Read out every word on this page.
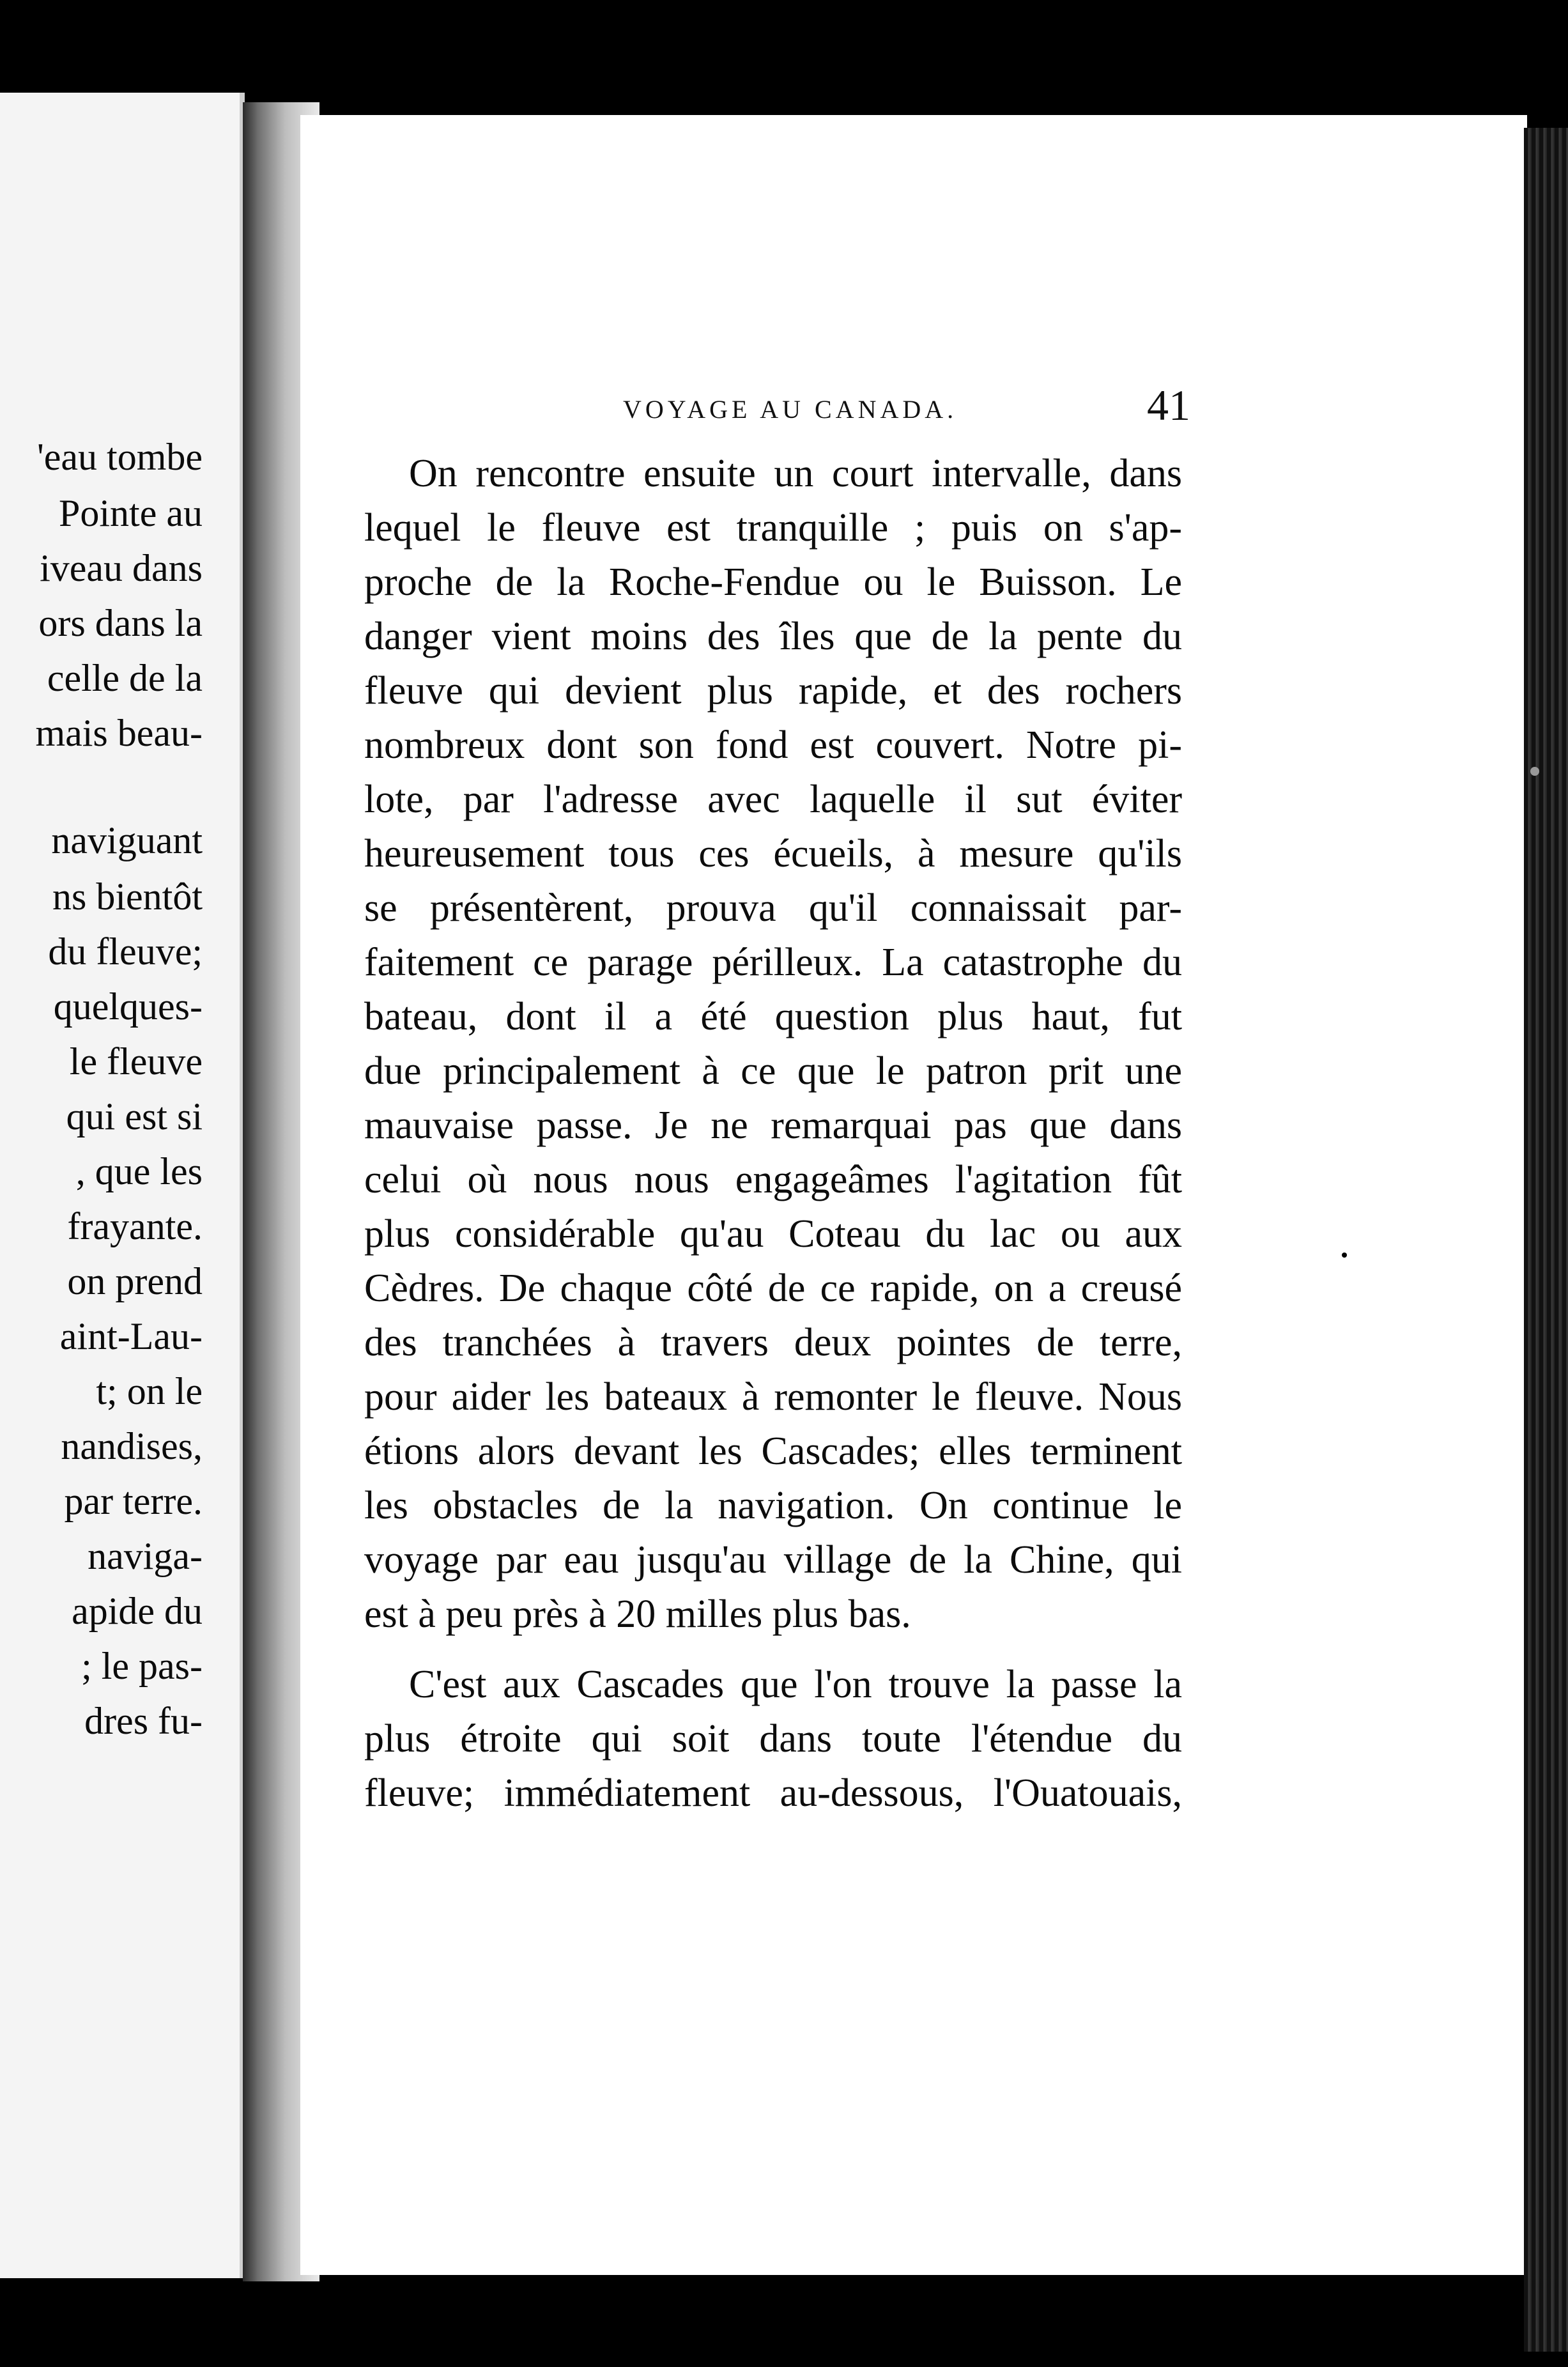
'eau tombe
Pointe au
iveau dans
ors dans la
celle de la
mais beau-
naviguant
ns bientôt
du fleuve;
quelques-
le fleuve
qui est si
, que les
frayante.
on prend
aint-Lau-
t; on le
nandises,
par terre.
naviga-
apide du
; le pas-
dres fu-
VOYAGE AU CANADA.	41
On rencontre ensuite un court intervalle, dans
lequel le fleuve est tranquille ; puis on s'ap-
proche de la Roche-Fendue ou le Buisson. Le
danger vient moins des îles que de la pente du
fleuve qui devient plus rapide, et des rochers
nombreux dont son fond est couvert. Notre pi-
lote, par l'adresse avec laquelle il sut éviter
heureusement tous ces écueils, à mesure qu'ils
se présentèrent, prouva qu'il connaissait par-
faitement ce parage périlleux. La catastrophe du
bateau, dont il a été question plus haut, fut
due principalement à ce que le patron prit une
mauvaise passe. Je ne remarquai pas que dans
celui où nous nous engageâmes l'agitation fût
plus considérable qu'au Coteau du lac ou aux
Cèdres. De chaque côté de ce rapide, on a creusé
des tranchées à travers deux pointes de terre,
pour aider les bateaux à remonter le fleuve. Nous
étions alors devant les Cascades; elles terminent
les obstacles de la navigation. On continue le
voyage par eau jusqu'au village de la Chine, qui
est à peu près à 20 milles plus bas.
C'est aux Cascades que l'on trouve la passe la
plus étroite qui soit dans toute l'étendue du
fleuve; immédiatement au-dessous, l'Ouatouais,
